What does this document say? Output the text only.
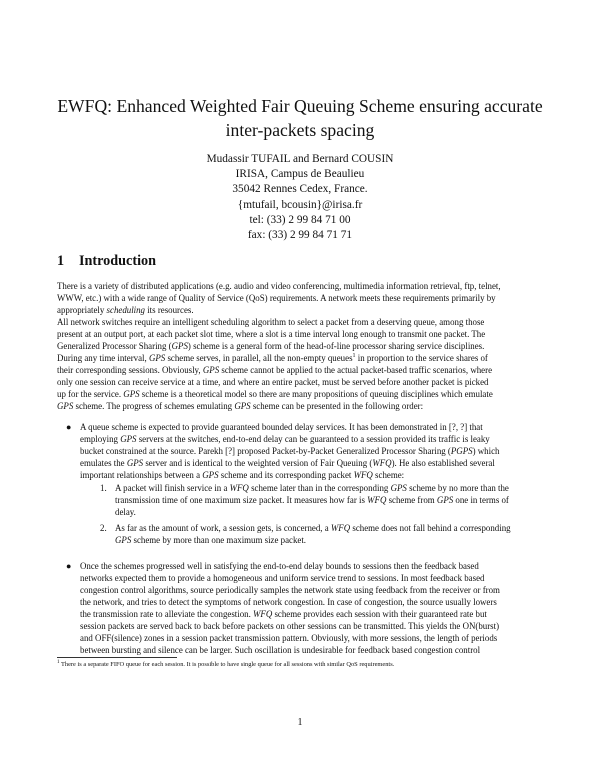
EWFQ: Enhanced Weighted Fair Queuing Scheme ensuring accurate
inter-packets spacing
Mudassir TUFAIL and Bernard COUSIN
IRISA, Campus de Beaulieu
35042 Rennes Cedex, France.
{mtufail, bcousin}@irisa.fr
tel: (33) 2 99 84 71 00
fax: (33) 2 99 84 71 71
1 Introduction
There is a variety of distributed applications (e.g. audio and video conferencing, multimedia information retrieval, ftp, telnet,
WWW, etc.) with a wide range of Quality of Service (QoS) requirements. A network meets these requirements primarily by
appropriately scheduling its resources.
All network switches require an intelligent scheduling algorithm to select a packet from a deserving queue, among those
present at an output port, at each packet slot time, where a slot is a time interval long enough to transmit one packet. The
Generalized Processor Sharing (GPS) scheme is a general form of the head-of-line processor sharing service disciplines.
During any time interval, GPS scheme serves, in parallel, all the non-empty queues$^1$ in proportion to the service shares of
their corresponding sessions. Obviously, GPS scheme cannot be applied to the actual packet-based traffic scenarios, where
only one session can receive service at a time, and where an entire packet, must be served before another packet is picked
up for the service. GPS scheme is a theoretical model so there are many propositions of queuing disciplines which emulate
GPS scheme. The progress of schemes emulating GPS scheme can be presented in the following order:
● A queue scheme is expected to provide guaranteed bounded delay services. It has been demonstrated in [?, ?] that
employing GPS servers at the switches, end-to-end delay can be guaranteed to a session provided its traffic is leaky
bucket constrained at the source. Parekh [?] proposed Packet-by-Packet Generalized Processor Sharing (PGPS) which
emulates the GPS server and is identical to the weighted version of Fair Queuing (WFQ). He also established several
important relationships between a GPS scheme and its corresponding packet WFQ scheme:
1. A packet will finish service in a WFQ scheme later than in the corresponding GPS scheme by no more than the
transmission time of one maximum size packet. It measures how far is WFQ scheme from GPS one in terms of
delay.
2. As far as the amount of work, a session gets, is concerned, a WFQ scheme does not fall behind a corresponding
GPS scheme by more than one maximum size packet.
● Once the schemes progressed well in satisfying the end-to-end delay bounds to sessions then the feedback based
networks expected them to provide a homogeneous and uniform service trend to sessions. In most feedback based
congestion control algorithms, source periodically samples the network state using feedback from the receiver or from
the network, and tries to detect the symptoms of network congestion. In case of congestion, the source usually lowers
the transmission rate to alleviate the congestion. WFQ scheme provides each session with their guaranteed rate but
session packets are served back to back before packets on other sessions can be transmitted. This yields the ON(burst)
and OFF(silence) zones in a session packet transmission pattern. Obviously, with more sessions, the length of periods
between bursting and silence can be larger. Such oscillation is undesirable for feedback based congestion control
$^1$ There is a separate FIFO queue for each session. It is possible to have single queue for all sessions with similar QoS requirements.
1
